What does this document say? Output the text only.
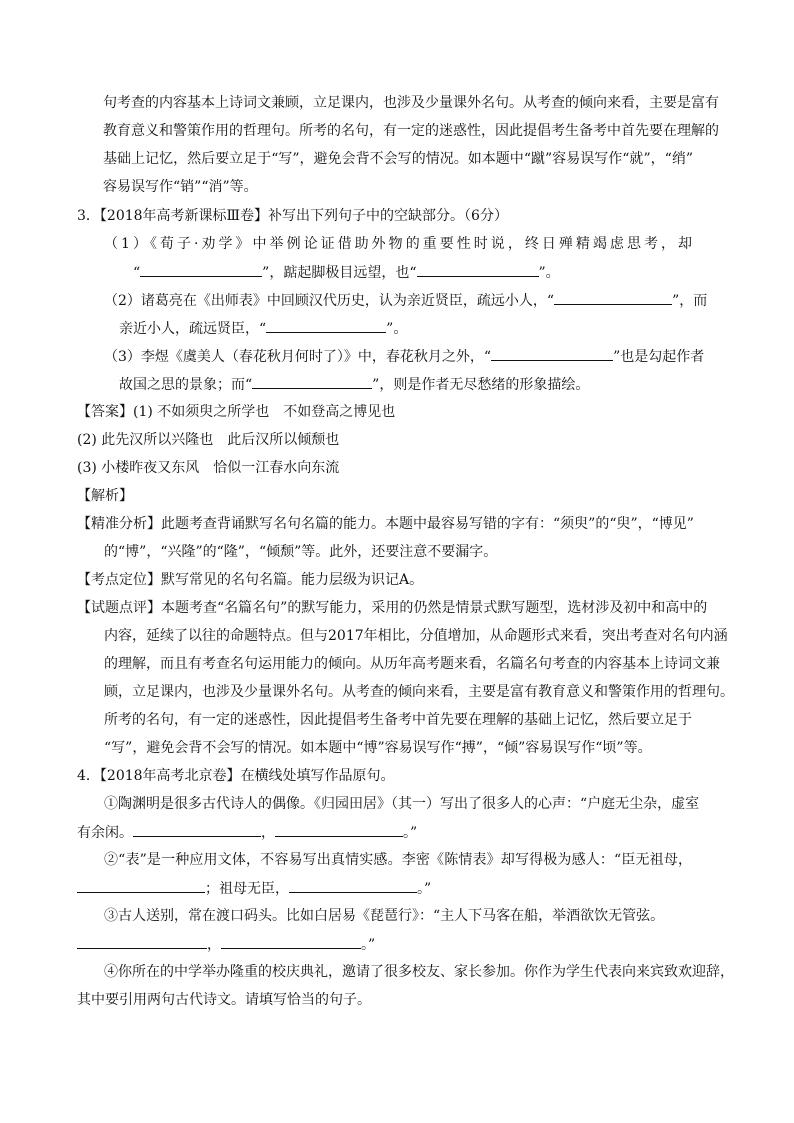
句考查的内容基本上诗词文兼顾，立足课内，也涉及少量课外名句。从考查的倾向来看，主要是富有
教育意义和警策作用的哲理句。所考的名句，有一定的迷惑性，因此提倡考生备考中首先要在理解的
基础上记忆，然后要立足于“写”，避免会背不会写的情况。如本题中“蹴”容易误写作“就”，“绡”
容易误写作“销”“消”等。
3．【2018年高考新课标Ⅲ卷】补写出下列句子中的空缺部分。（6分）
（1）《荀子·劝学》中举例论证借助外物的重要性时说，终日殚精竭虑思考，却
“	”，踮起脚极目远望，也“	”。
（2）诸葛亮在《出师表》中回顾汉代历史，认为亲近贤臣，疏远小人，“	”，而
亲近小人，疏远贤臣，“	”。
（3）李煜《虞美人（春花秋月何时了）》中，春花秋月之外，“	”也是勾起作者
故国之思的景象；而“	”，则是作者无尽愁绪的形象描绘。
【答案】(1) 不如须臾之所学也　不如登高之博见也
(2) 此先汉所以兴隆也　此后汉所以倾颓也
(3) 小楼昨夜又东风　恰似一江春水向东流
【解析】
【精准分析】此题考查背诵默写名句名篇的能力。本题中最容易写错的字有：“须臾”的“臾”，“博见”
的“博”，“兴隆”的“隆”，“倾颓”等。此外，还要注意不要漏字。
【考点定位】默写常见的名句名篇。能力层级为识记A。
【试题点评】本题考查“名篇名句”的默写能力，采用的仍然是情景式默写题型，选材涉及初中和高中的
内容，延续了以往的命题特点。但与2017年相比，分值增加，从命题形式来看，突出考查对名句内涵
的理解，而且有考查名句运用能力的倾向。从历年高考题来看，名篇名句考查的内容基本上诗词文兼
顾，立足课内，也涉及少量课外名句。从考查的倾向来看，主要是富有教育意义和警策作用的哲理句。
所考的名句，有一定的迷惑性，因此提倡考生备考中首先要在理解的基础上记忆，然后要立足于
“写”，避免会背不会写的情况。如本题中“博”容易误写作“搏”，“倾”容易误写作“顷”等。
4．【2018年高考北京卷】在横线处填写作品原句。
①陶渊明是很多古代诗人的偶像。《归园田居》（其一）写出了很多人的心声：“户庭无尘杂，虚室
有余闲。	，	。”
②“表”是一种应用文体，不容易写出真情实感。李密《陈情表》却写得极为感人：“臣无祖母，
；祖母无臣，	。”
③古人送别，常在渡口码头。比如白居易《琵琶行》：“主人下马客在船，举酒欲饮无管弦。
，	。”
④你所在的中学举办隆重的校庆典礼，邀请了很多校友、家长参加。你作为学生代表向来宾致欢迎辞，
其中要引用两句古代诗文。请填写恰当的句子。
